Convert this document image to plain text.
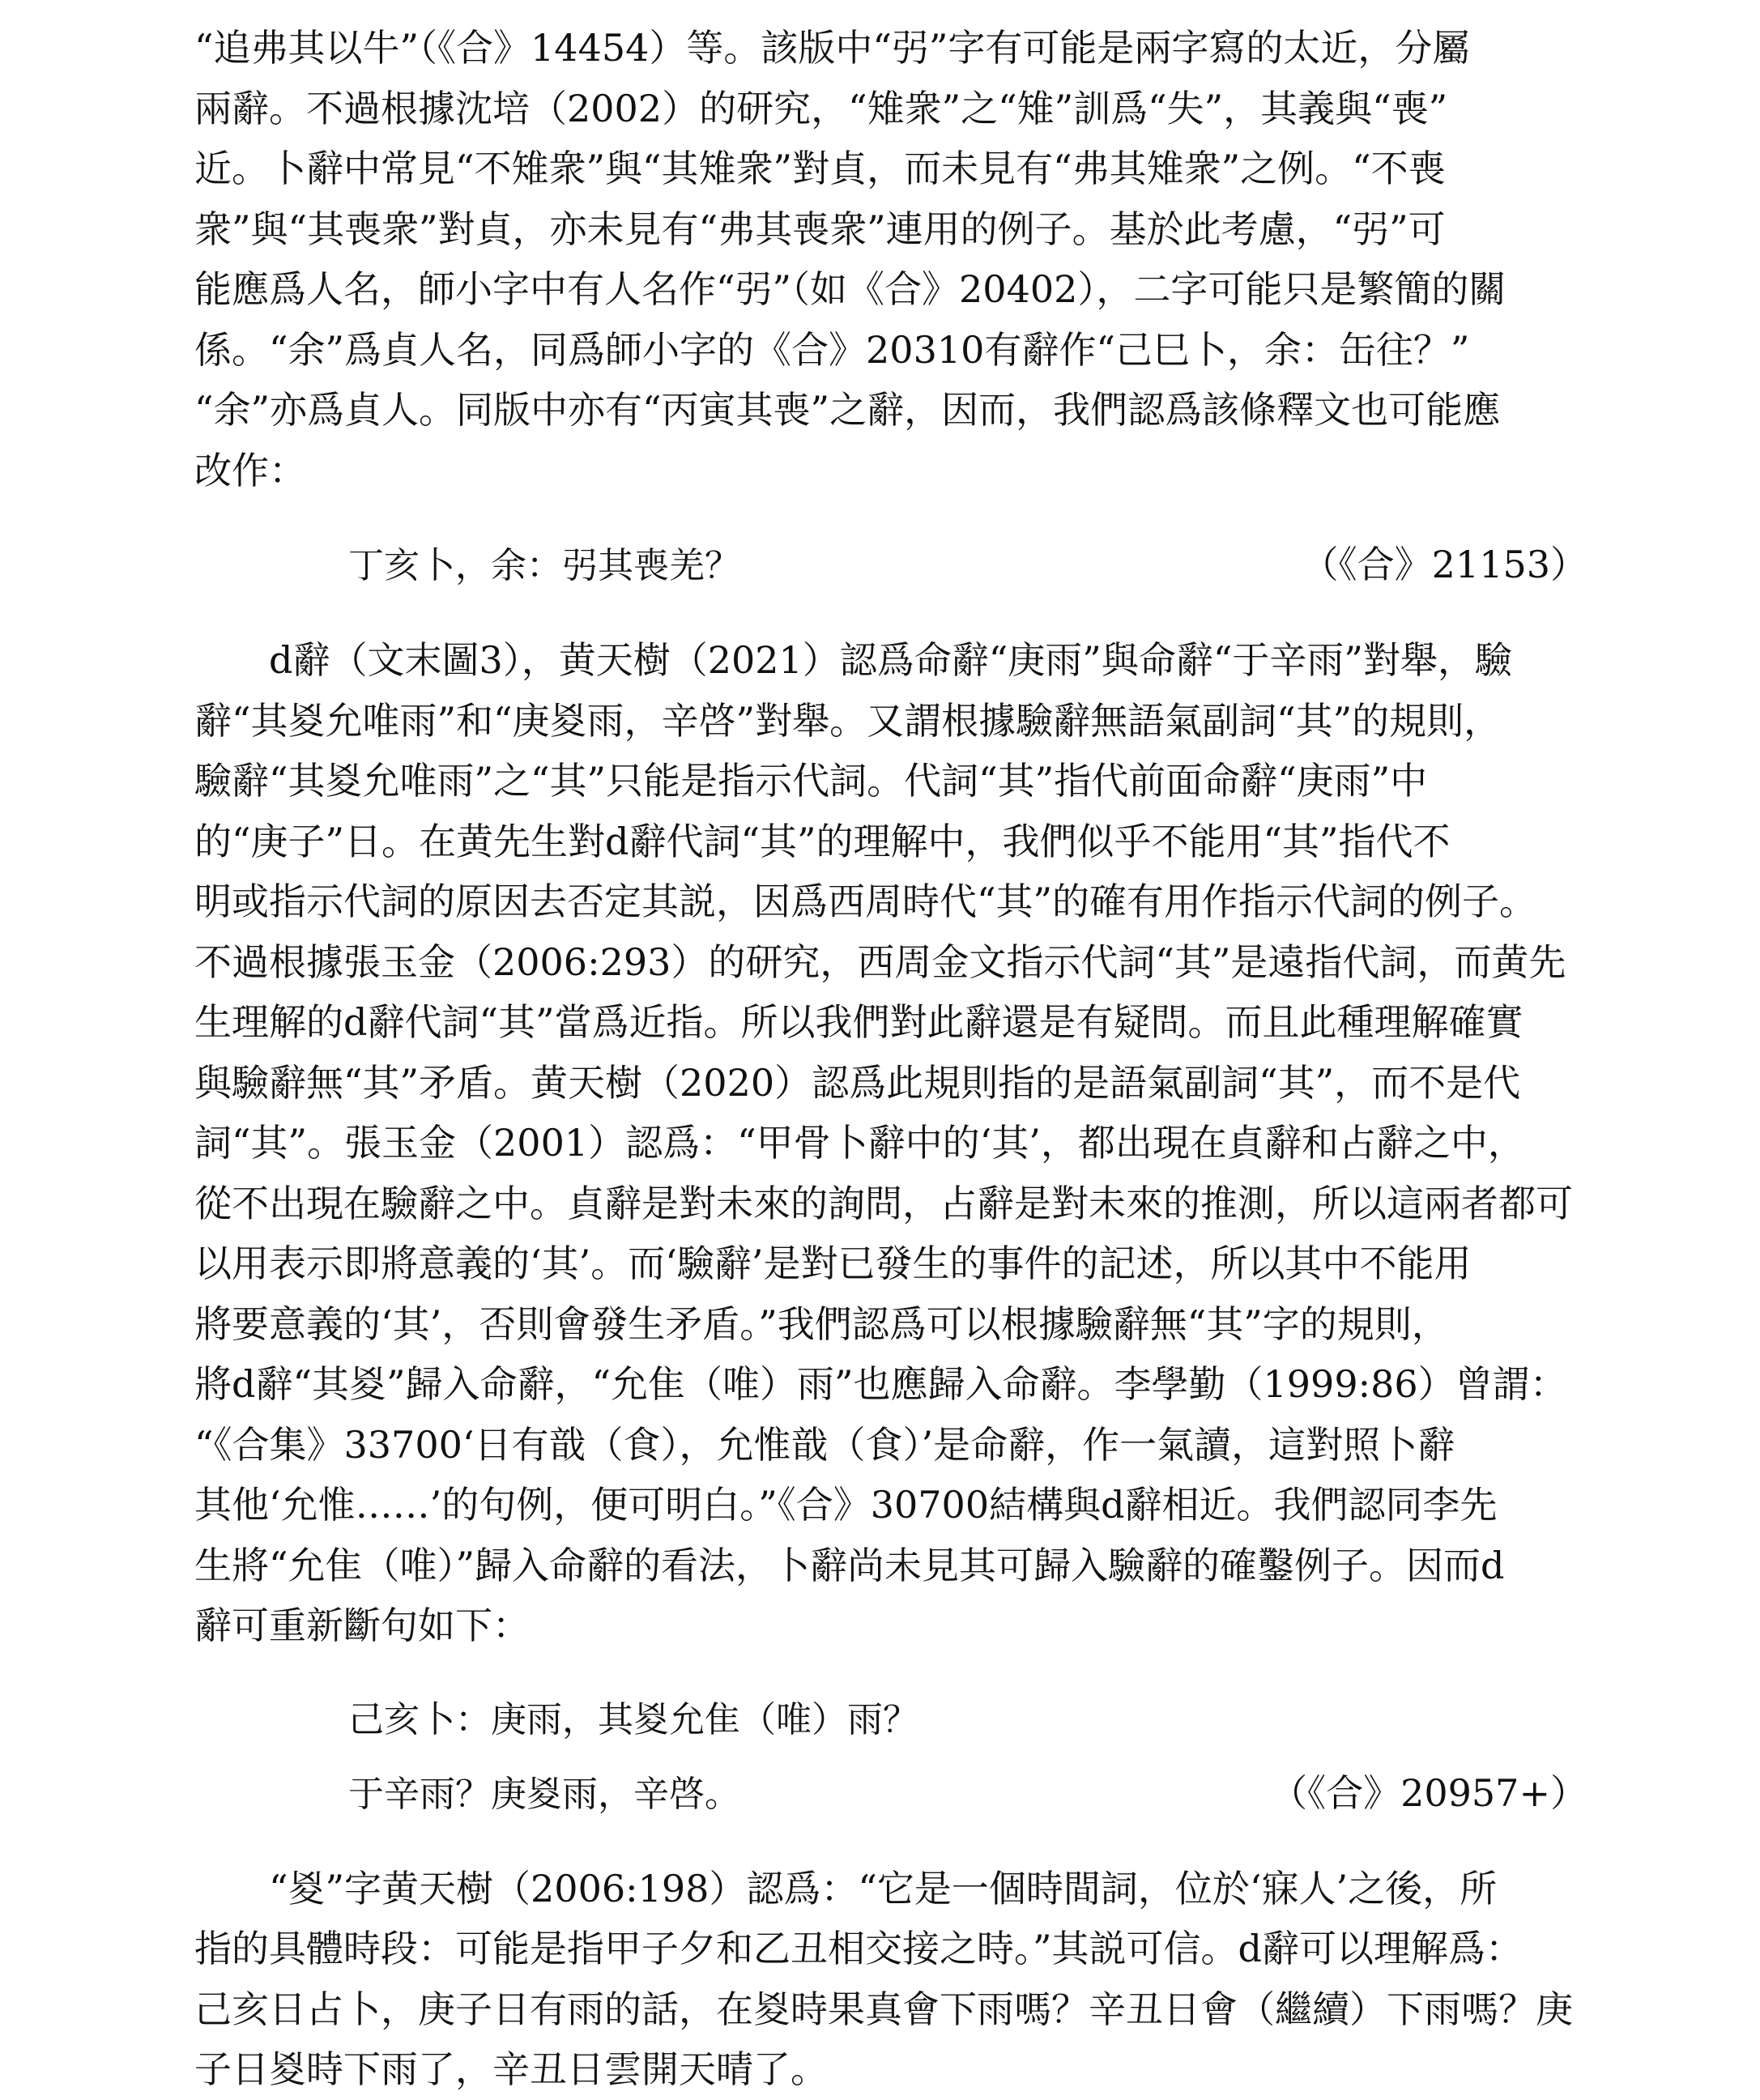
“追弗其以牛”（《合》14454）等。該版中“弜”字有可能是兩字寫的太近，分屬
兩辭。不過根據沈培（2002）的研究，“雉衆”之“雉”訓爲“失”，其義與“喪”
近。卜辭中常見“不雉衆”與“其雉衆”對貞，而未見有“弗其雉衆”之例。“不喪
衆”與“其喪衆”對貞，亦未見有“弗其喪衆”連用的例子。基於此考慮，“弜”可
能應爲人名，師小字中有人名作“弜”（如《合》20402），二字可能只是繁簡的關
係。“余”爲貞人名，同爲師小字的《合》20310有辭作“己巳卜，余：缶往？”
“余”亦爲貞人。同版中亦有“丙寅其喪”之辭，因而，我們認爲該條釋文也可能應
改作：

丁亥卜，余：弜其喪羌？	（《合》21153）

d辭（文末圖3），黄天樹（2021）認爲命辭“庚雨”與命辭“于辛雨”對舉，驗
辭“其㚇允唯雨”和“庚㚇雨，辛啓”對舉。又謂根據驗辭無語氣副詞“其”的規則，
驗辭“其㚇允唯雨”之“其”只能是指示代詞。代詞“其”指代前面命辭“庚雨”中
的“庚子”日。在黄先生對d辭代詞“其”的理解中，我們似乎不能用“其”指代不
明或指示代詞的原因去否定其説，因爲西周時代“其”的確有用作指示代詞的例子。
不過根據張玉金（2006:293）的研究，西周金文指示代詞“其”是遠指代詞，而黄先
生理解的d辭代詞“其”當爲近指。所以我們對此辭還是有疑問。而且此種理解確實
與驗辭無“其”矛盾。黄天樹（2020）認爲此規則指的是語氣副詞“其”，而不是代
詞“其”。張玉金（2001）認爲：“甲骨卜辭中的‘其’，都出現在貞辭和占辭之中，
從不出現在驗辭之中。貞辭是對未來的詢問，占辭是對未來的推測，所以這兩者都可
以用表示即將意義的‘其’。而‘驗辭’是對已發生的事件的記述，所以其中不能用
將要意義的‘其’，否則會發生矛盾。”我們認爲可以根據驗辭無“其”字的規則，
將d辭“其㚇”歸入命辭，“允隹（唯）雨”也應歸入命辭。李學勤（1999:86）曾謂：
“《合集》33700‘日有戠（食），允惟戠（食）’是命辭，作一氣讀，這對照卜辭
其他‘允惟……’的句例，便可明白。”《合》30700結構與d辭相近。我們認同李先
生將“允隹（唯）”歸入命辭的看法，卜辭尚未見其可歸入驗辭的確鑿例子。因而d
辭可重新斷句如下：

己亥卜：庚雨，其㚇允隹（唯）雨？
于辛雨？庚㚇雨，辛啓。	（《合》20957+）

“㚇”字黄天樹（2006:198）認爲：“它是一個時間詞，位於‘寐人’之後，所
指的具體時段：可能是指甲子夕和乙丑相交接之時。”其説可信。d辭可以理解爲：
己亥日占卜，庚子日有雨的話，在㚇時果真會下雨嗎？辛丑日會（繼續）下雨嗎？庚
子日㚇時下雨了，辛丑日雲開天晴了。
